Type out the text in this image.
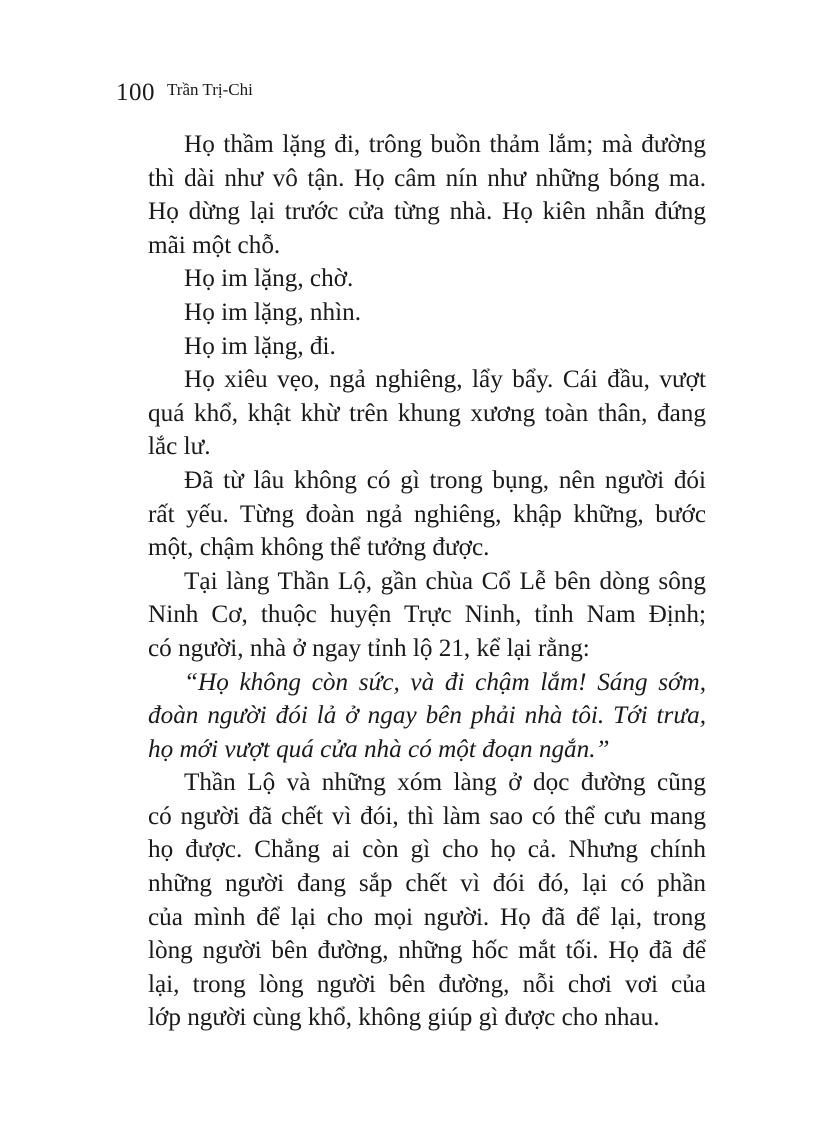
100 Trần Trị-Chi
Họ thầm lặng đi, trông buồn thảm lắm; mà đường
thì dài như vô tận. Họ câm nín như những bóng ma.
Họ dừng lại trước cửa từng nhà. Họ kiên nhẫn đứng
mãi một chỗ.
Họ im lặng, chờ.
Họ im lặng, nhìn.
Họ im lặng, đi.
Họ xiêu vẹo, ngả nghiêng, lẩy bẩy. Cái đầu, vượt
quá khổ, khật khừ trên khung xương toàn thân, đang
lắc lư.
Đã từ lâu không có gì trong bụng, nên người đói
rất yếu. Từng đoàn ngả nghiêng, khập khững, bước
một, chậm không thể tưởng được.
Tại làng Thần Lộ, gần chùa Cổ Lễ bên dòng sông
Ninh Cơ, thuộc huyện Trực Ninh, tỉnh Nam Định;
có người, nhà ở ngay tỉnh lộ 21, kể lại rằng:
“Họ không còn sức, và đi chậm lắm! Sáng sớm,
đoàn người đói lả ở ngay bên phải nhà tôi. Tới trưa,
họ mới vượt quá cửa nhà có một đoạn ngắn.”
Thần Lộ và những xóm làng ở dọc đường cũng
có người đã chết vì đói, thì làm sao có thể cưu mang
họ được. Chẳng ai còn gì cho họ cả. Nhưng chính
những người đang sắp chết vì đói đó, lại có phần
của mình để lại cho mọi người. Họ đã để lại, trong
lòng người bên đường, những hốc mắt tối. Họ đã để
lại, trong lòng người bên đường, nỗi chơi vơi của
lớp người cùng khổ, không giúp gì được cho nhau.
